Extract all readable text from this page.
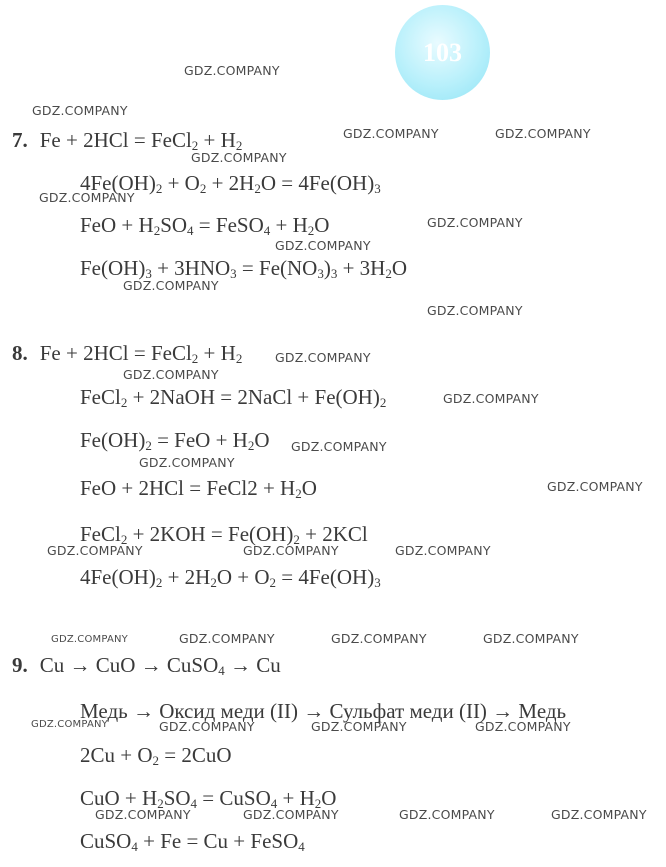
103
7. Fe + 2HCl = FeCl$_2$ + $H_2$
$4Fe(OH)_2 + O_2 + 2H_2O = 4Fe(OH)_3$
FeO + $H_2SO_4$ = FeSO$_4$ + $H_2O$
$Fe(OH)_3 + 3HNO_3 = Fe(NO_3)_3 + 3H_2O$
8. Fe + 2HCl = FeCl$_2$ + $H_2$
FeCl$_2$ + 2NaOH = 2NaCl + $Fe(OH)_2$
$Fe(OH)_2$ = FeO + $H_2O$
FeO + 2HCl = FeCl2 + $H_2O$
FeCl$_2$ + $2KOH = Fe(OH)_2 + 2KCl$
$4Fe(OH)_2 + 2H_2O + O_2 = 4Fe(OH)_3$
9. Cu → CuO → CuSO$_4$ → Cu
Медь → Оксид меди (II) → Сульфат меди (II) → Медь
$2Cu + O_2 = 2CuO$
CuO + $H_2SO_4$ = CuSO$_4$ + $H_2O$
CuSO$_4$ + Fe = Cu + FeSO$_4$
GDZ.COMPANY
GDZ.COMPANY
GDZ.COMPANY	GDZ.COMPANY
GDZ.COMPANY
GDZ.COMPANY
GDZ.COMPANY
GDZ.COMPANY
GDZ.COMPANY
GDZ.COMPANY
GDZ.COMPANY
GDZ.COMPANY
GDZ.COMPANY
GDZ.COMPANY
GDZ.COMPANY
GDZ.COMPANY
GDZ.COMPANY	GDZ.COMPANY	GDZ.COMPANY
GDZ.COMPANY	GDZ.COMPANY	GDZ.COMPANY	GDZ.COMPANY
GDZ.COMPANY	GDZ.COMPANY	GDZ.COMPANY	GDZ.COMPANY
GDZ.COMPANY	GDZ.COMPANY	GDZ.COMPANY	GDZ.COMPANY
